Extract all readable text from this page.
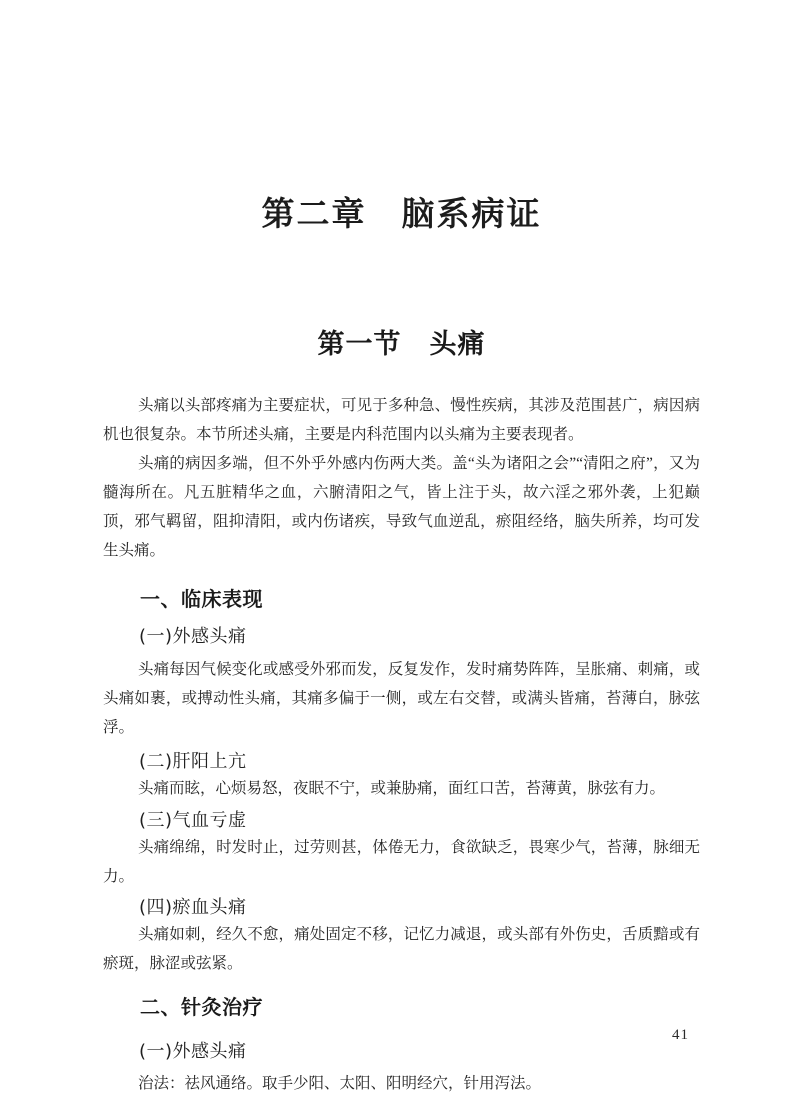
第二章　脑系病证
第一节　头痛

头痛以头部疼痛为主要症状，可见于多种急、慢性疾病，其涉及范围甚广，病因病机也很复杂。本节所述头痛，主要是内科范围内以头痛为主要表现者。

头痛的病因多端，但不外乎外感内伤两大类。盖“头为诸阳之会”“清阳之府”，又为髓海所在。凡五脏精华之血，六腑清阳之气，皆上注于头，故六淫之邪外袭，上犯巅顶，邪气羁留，阻抑清阳，或内伤诸疾，导致气血逆乱，瘀阻经络，脑失所养，均可发生头痛。

一、临床表现
(一)外感头痛

头痛每因气候变化或感受外邪而发，反复发作，发时痛势阵阵，呈胀痛、刺痛，或头痛如裹，或搏动性头痛，其痛多偏于一侧，或左右交替，或满头皆痛，苔薄白，脉弦浮。

(二)肝阳上亢

头痛而眩，心烦易怒，夜眠不宁，或兼胁痛，面红口苦，苔薄黄，脉弦有力。

(三)气血亏虚

头痛绵绵，时发时止，过劳则甚，体倦无力，食欲缺乏，畏寒少气，苔薄，脉细无力。

(四)瘀血头痛

头痛如刺，经久不愈，痛处固定不移，记忆力减退，或头部有外伤史，舌质黯或有瘀斑，脉涩或弦紧。

二、针灸治疗
(一)外感头痛

治法：祛风通络。取手少阳、太阳、阳明经穴，针用泻法。

41
